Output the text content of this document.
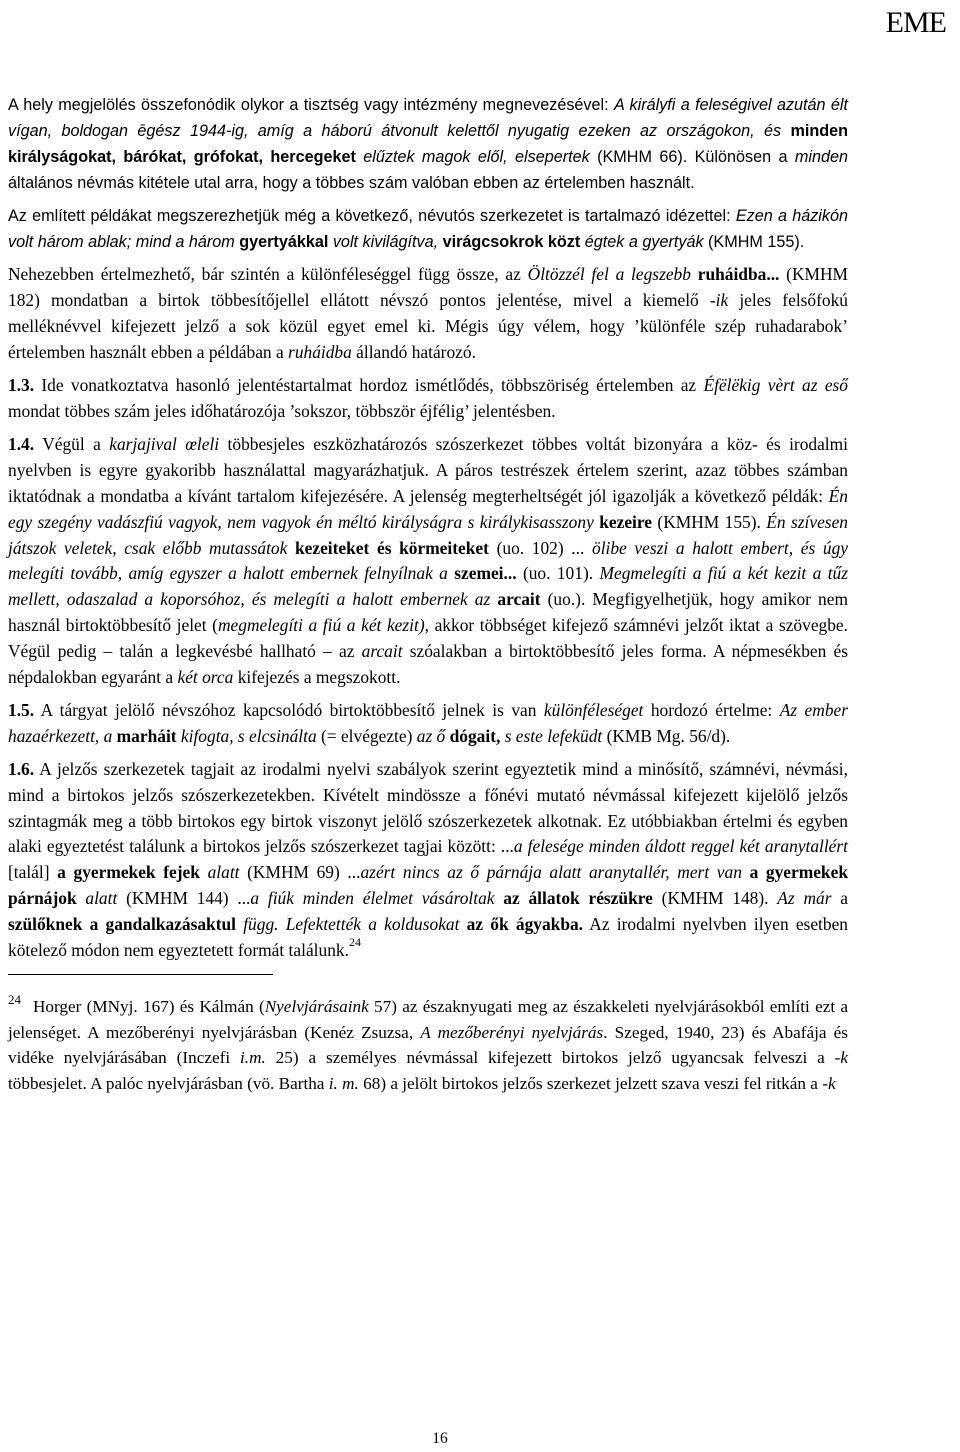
EME

A hely megjelölés összefonódik olykor a tisztség vagy intézmény megnevezésével: A királyfi a feleségivel azután élt vígan, boldogan ēgész 1944-ig, amíg a háború átvonult kelettől nyugatig ezeken az országokon, és minden királyságokat, bárókat, grófokat, hercegeket elűztek magok elől, elsepertek (KMHM 66). Különösen a minden általános névmás kitétele utal arra, hogy a többes szám valóban ebben az értelemben használt.

Az említett példákat megszerezhetjük még a következő, névutós szerkezetet is tartalmazó idézettel: Ezen a házikón volt három ablak; mind a három gyertyákkal volt kivilágítva, virágcsokrok közt égtek a gyertyák (KMHM 155).

Nehezebben értelmezhető, bár szintén a különféleséggel függ össze, az Öltözzél fel a legszebb ruháidba... (KMHM 182) mondatban a birtok többesítőjellel ellátott névszó pontos jelentése, mivel a kiemelő -ik jeles felsőfokú melléknévvel kifejezett jelző a sok közül egyet emel ki. Mégis úgy vélem, hogy ’különféle szép ruhadarabok’ értelemben használt ebben a példában a ruháidba állandó határozó.

1.3. Ide vonatkoztatva hasonló jelentéstartalmat hordoz ismétlődés, többszöriség értelemben az Éfëlëkig vèrt az eső mondat többes szám jeles időhatározója ’sokszor, többször éjfélig’ jelentésben.

1.4. Végül a karjajival œleli többesjeles eszközhatározós szószerkezet többes voltát bizonyára a köz- és irodalmi nyelvben is egyre gyakoribb használattal magyarázhatjuk. A páros testrészek értelem szerint, azaz többes számban iktatódnak a mondatba a kívánt tartalom kifejezésére. A jelenség megterheltségét jól igazolják a következő példák: Én egy szegény vadászfiú vagyok, nem vagyok én méltó királyságra s királykisasszony kezeire (KMHM 155). Én szívesen játszok veletek, csak előbb mutassátok kezeiteket és körmeiteket (uo. 102) ... ölibe veszi a halott embert, és úgy melegíti tovább, amíg egyszer a halott embernek felnyílnak a szemei... (uo. 101). Megmelegíti a fiú a két kezit a tűz mellett, odaszalad a koporsóhoz, és melegíti a halott embernek az arcait (uo.). Megfigyelhetjük, hogy amikor nem használ birtoktöbbesítő jelet (megmelegíti a fiú a két kezit), akkor többséget kifejező számnévi jelzőt iktat a szövegbe. Végül pedig – talán a legkevésbé hallható – az arcait szóalakban a birtoktöbbesítő jeles forma. A népmesékben és népdalokban egyaránt a két orca kifejezés a megszokott.

1.5. A tárgyat jelölő névszóhoz kapcsolódó birtoktöbbesítő jelnek is van különféleséget hordozó értelme: Az ember hazaérkezett, a marháit kifogta, s elcsinálta (= elvégezte) az ő dógait, s este lefeküdt (KMB Mg. 56/d).

1.6. A jelzős szerkezetek tagjait az irodalmi nyelvi szabályok szerint egyeztetik mind a minősítő, számnévi, névmási, mind a birtokos jelzős szószerkezetekben. Kívételt mindössze a főnévi mutató névmással kifejezett kijelölő jelzős szintagmák meg a több birtokos egy birtok viszonyt jelölő szószerkezetek alkotnak. Ez utóbbiakban értelmi és egyben alaki egyeztetést találunk a birtokos jelzős szószerkezet tagjai között: ...a felesége minden áldott reggel két aranytallért [talál] a gyermekek fejek alatt (KMHM 69) ...azért nincs az ő párnája alatt aranytallér, mert van a gyermekek párnájok alatt (KMHM 144) ...a fiúk minden élelmet vásároltak az állatok részükre (KMHM 148). Az már a szülőknek a gandalkazásaktul függ. Lefektették a koldusokat az ők ágyakba. Az irodalmi nyelvben ilyen esetben kötelező módon nem egyeztetett formát találunk.$^{24}$

$^{24}$ Horger (MNyj. 167) és Kálmán (Nyelvjárásaink 57) az északnyugati meg az északkeleti nyelvjárásokból említi ezt a jelenséget. A mezőberényi nyelvjárásban (Kenéz Zsuzsa, A mezőberényi nyelvjárás. Szeged, 1940, 23) és Abafája és vidéke nyelvjárásában (Inczefi i.m. 25) a személyes névmással kifejezett birtokos jelző ugyancsak felveszi a -k többesjelet. A palóc nyelvjárásban (vö. Bartha i. m. 68) a jelölt birtokos jelzős szerkezet jelzett szava veszi fel ritkán a -k

16
